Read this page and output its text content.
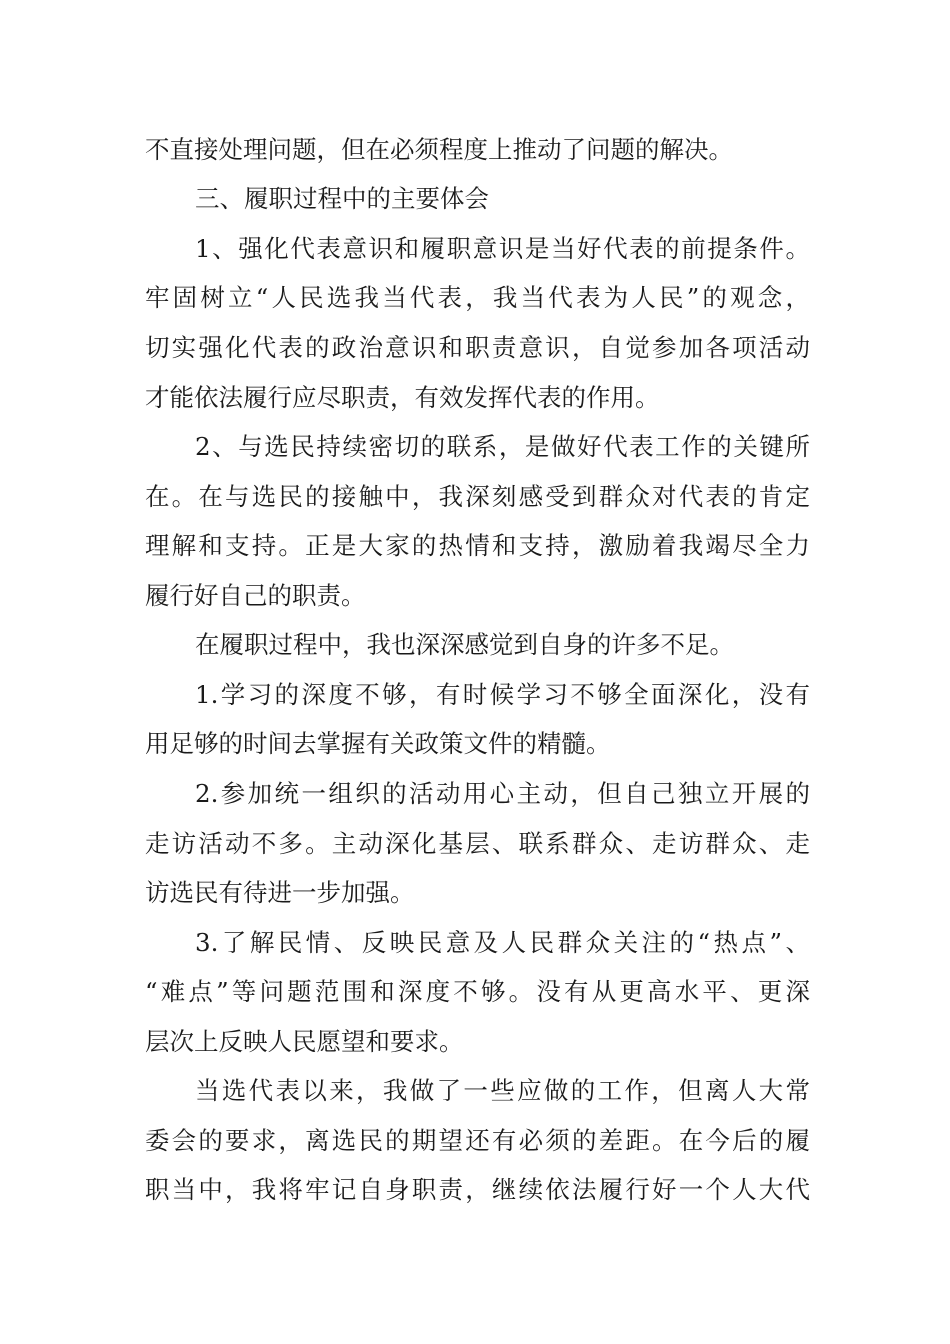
不直接处理问题，但在必须程度上推动了问题的解决。
三、履职过程中的主要体会
1、强化代表意识和履职意识是当好代表的前提条件。
牢固树立“人民选我当代表，我当代表为人民”的观念，
切实强化代表的政治意识和职责意识，自觉参加各项活动
才能依法履行应尽职责，有效发挥代表的作用。
2、与选民持续密切的联系，是做好代表工作的关键所
在。在与选民的接触中，我深刻感受到群众对代表的肯定
理解和支持。正是大家的热情和支持，激励着我竭尽全力
履行好自己的职责。
在履职过程中，我也深深感觉到自身的许多不足。
1.学习的深度不够，有时候学习不够全面深化，没有
用足够的时间去掌握有关政策文件的精髓。
2.参加统一组织的活动用心主动，但自己独立开展的
走访活动不多。主动深化基层、联系群众、走访群众、走
访选民有待进一步加强。
3.了解民情、反映民意及人民群众关注的“热点”、
“难点”等问题范围和深度不够。没有从更高水平、更深
层次上反映人民愿望和要求。
当选代表以来，我做了一些应做的工作，但离人大常
委会的要求，离选民的期望还有必须的差距。在今后的履
职当中，我将牢记自身职责，继续依法履行好一个人大代
